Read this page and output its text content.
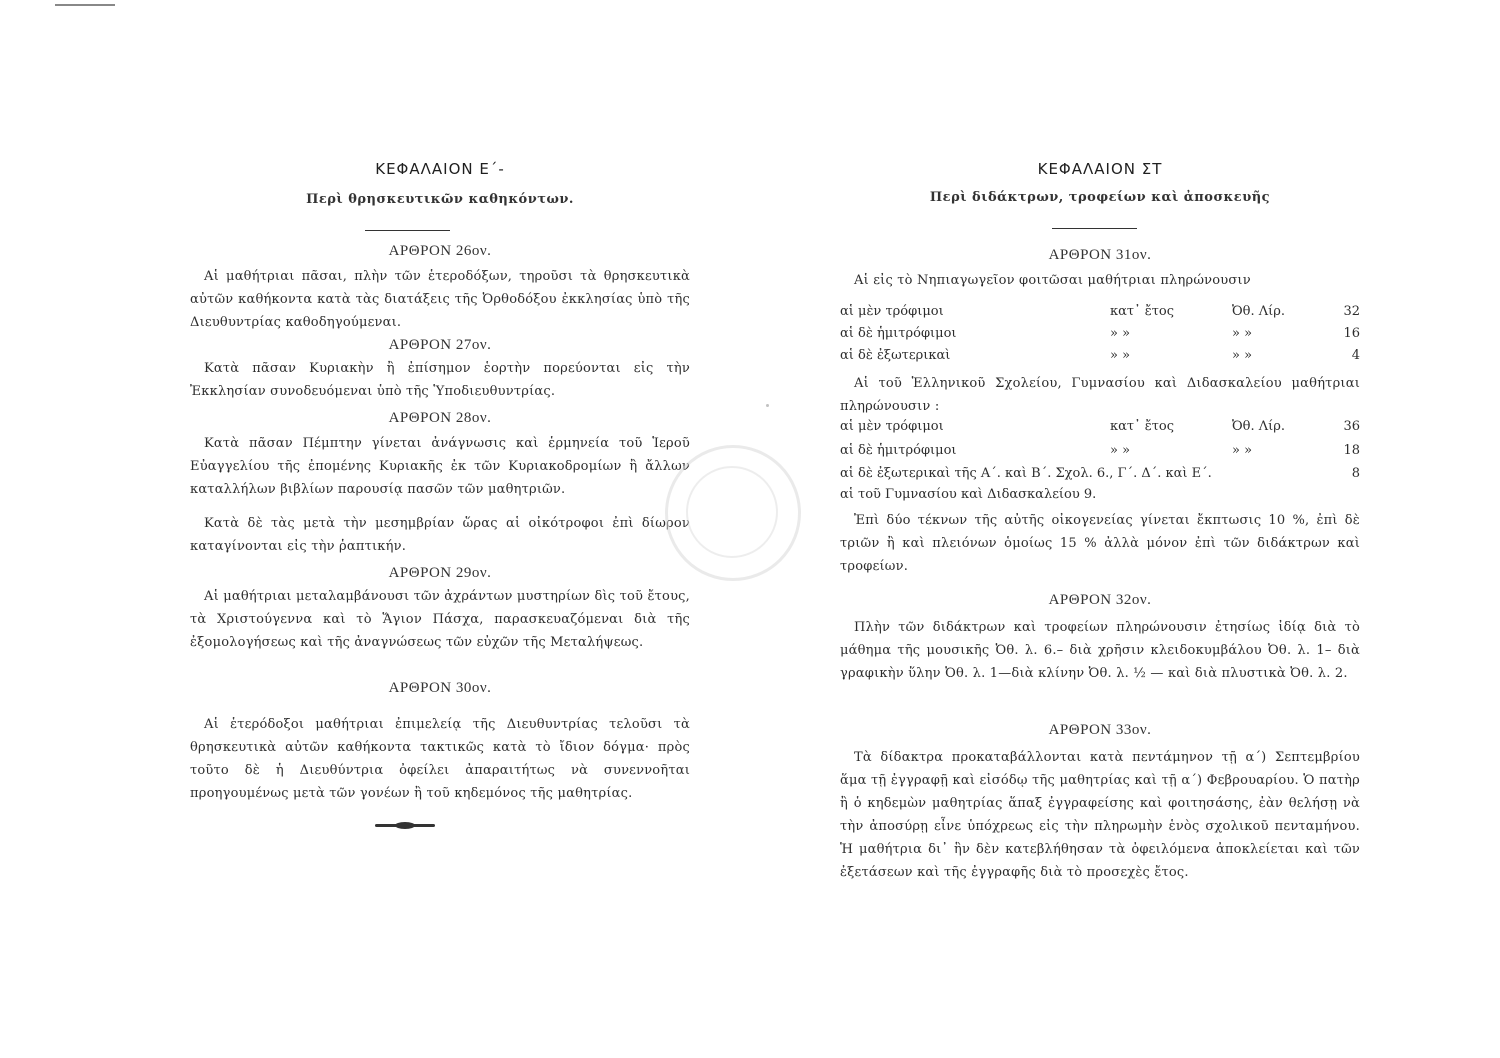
ΚΕΦΑΛΑΙΟΝ Ε΄-
Περὶ θρησκευτικῶν καθηκόντων.
ΑΡΘΡΟΝ 26ον.
Αἱ μαθήτριαι πᾶσαι, πλὴν τῶν ἑτεροδόξων, τηροῦσι τὰ θρησκευτικὰ αὐτῶν καθήκοντα κατὰ τὰς διατάξεις τῆς Ὀρθοδόξου ἐκκλησίας ὑπὸ τῆς Διευθυντρίας καθοδηγούμεναι.
ΑΡΘΡΟΝ 27ον.
Κατὰ πᾶσαν Κυριακὴν ἢ ἐπίσημον ἑορτὴν πορεύονται εἰς τὴν Ἐκκλησίαν συνοδευόμεναι ὑπὸ τῆς Ὑποδιευθυντρίας.
ΑΡΘΡΟΝ 28ον.
Κατὰ πᾶσαν Πέμπτην γίνεται ἀνάγνωσις καὶ ἑρμηνεία τοῦ Ἱεροῦ Εὐαγγελίου τῆς ἐπομένης Κυριακῆς ἐκ τῶν Κυριακοδρομίων ἢ ἄλλων καταλλήλων βιβλίων παρουσίᾳ πασῶν τῶν μαθητριῶν.
Κατὰ δὲ τὰς μετὰ τὴν μεσημβρίαν ὥρας αἱ οἰκότροφοι ἐπὶ δίωρον καταγίνονται εἰς τὴν ῥαπτικήν.
ΑΡΘΡΟΝ 29ον.
Αἱ μαθήτριαι μεταλαμβάνουσι τῶν ἀχράντων μυστηρίων δὶς τοῦ ἔτους, τὰ Χριστούγεννα καὶ τὸ Ἅγιον Πάσχα, παρασκευαζόμεναι διὰ τῆς ἐξομολογήσεως καὶ τῆς ἀναγνώσεως τῶν εὐχῶν τῆς Μεταλήψεως.
ΑΡΘΡΟΝ 30ον.
Αἱ ἑτερόδοξοι μαθήτριαι ἐπιμελείᾳ τῆς Διευθυντρίας τελοῦσι τὰ θρησκευτικὰ αὐτῶν καθήκοντα τακτικῶς κατὰ τὸ ἴδιον δόγμα· πρὸς τοῦτο δὲ ἡ Διευθύντρια ὀφείλει ἀπαραιτήτως νὰ συνεννοῆται προηγουμένως μετὰ τῶν γονέων ἢ τοῦ κηδεμόνος τῆς μαθητρίας.
ΚΕΦΑΛΑΙΟΝ ΣΤ
Περὶ διδάκτρων, τροφείων καὶ ἀποσκευῆς
ΑΡΘΡΟΝ 31ον.
Αἱ εἰς τὸ Νηπιαγωγεῖον φοιτῶσαι μαθήτριαι πληρώνουσιν
αἱ μὲν τρόφιμοι	κατ᾽ ἔτος	Ὀθ. Λίρ.	32
αἱ δὲ ἡμιτρόφιμοι	» »	» »	16
αἱ δὲ ἐξωτερικαὶ	» »	» »	4
Αἱ τοῦ Ἑλληνικοῦ Σχολείου, Γυμνασίου καὶ Διδασκαλείου μαθήτριαι πληρώνουσιν :
αἱ μὲν τρόφιμοι	κατ᾽ ἔτος	Ὀθ. Λίρ.	36
αἱ δὲ ἡμιτρόφιμοι	» »	» »	18
αἱ δὲ ἐξωτερικαὶ τῆς Α΄. καὶ Β΄. Σχολ. 6., Γ΄. Δ΄. καὶ Ε΄.	8
αἱ τοῦ Γυμνασίου καὶ Διδασκαλείου 9.
Ἐπὶ δύο τέκνων τῆς αὐτῆς οἰκογενείας γίνεται ἔκπτωσις 10 %, ἐπὶ δὲ τριῶν ἢ καὶ πλειόνων ὁμοίως 15 % ἀλλὰ μόνον ἐπὶ τῶν διδάκτρων καὶ τροφείων.
ΑΡΘΡΟΝ 32ον.
Πλὴν τῶν διδάκτρων καὶ τροφείων πληρώνουσιν ἐτησίως ἰδίᾳ διὰ τὸ μάθημα τῆς μουσικῆς Ὀθ. λ. 6.– διὰ χρῆσιν κλειδοκυμβάλου Ὀθ. λ. 1– διὰ γραφικὴν ὕλην Ὀθ. λ. 1—διὰ κλίνην Ὀθ. λ. ½ — καὶ διὰ πλυστικὰ Ὀθ. λ. 2.
ΑΡΘΡΟΝ 33ον.
Τὰ δίδακτρα προκαταβάλλονται κατὰ πεντάμηνον τῇ α΄) Σεπτεμβρίου ἅμα τῇ ἐγγραφῇ καὶ εἰσόδῳ τῆς μαθητρίας καὶ τῇ α΄) Φεβρουαρίου. Ὁ πατὴρ ἢ ὁ κηδεμὼν μαθητρίας ἅπαξ ἐγγραφείσης καὶ φοιτησάσης, ἐὰν θελήσῃ νὰ τὴν ἀποσύρῃ εἶνε ὑπόχρεως εἰς τὴν πληρωμὴν ἑνὸς σχολικοῦ πενταμήνου. Ἡ μαθήτρια δι᾽ ἣν δὲν κατεβλήθησαν τὰ ὀφειλόμενα ἀποκλείεται καὶ τῶν ἐξετάσεων καὶ τῆς ἐγγραφῆς διὰ τὸ προσεχὲς ἔτος.
